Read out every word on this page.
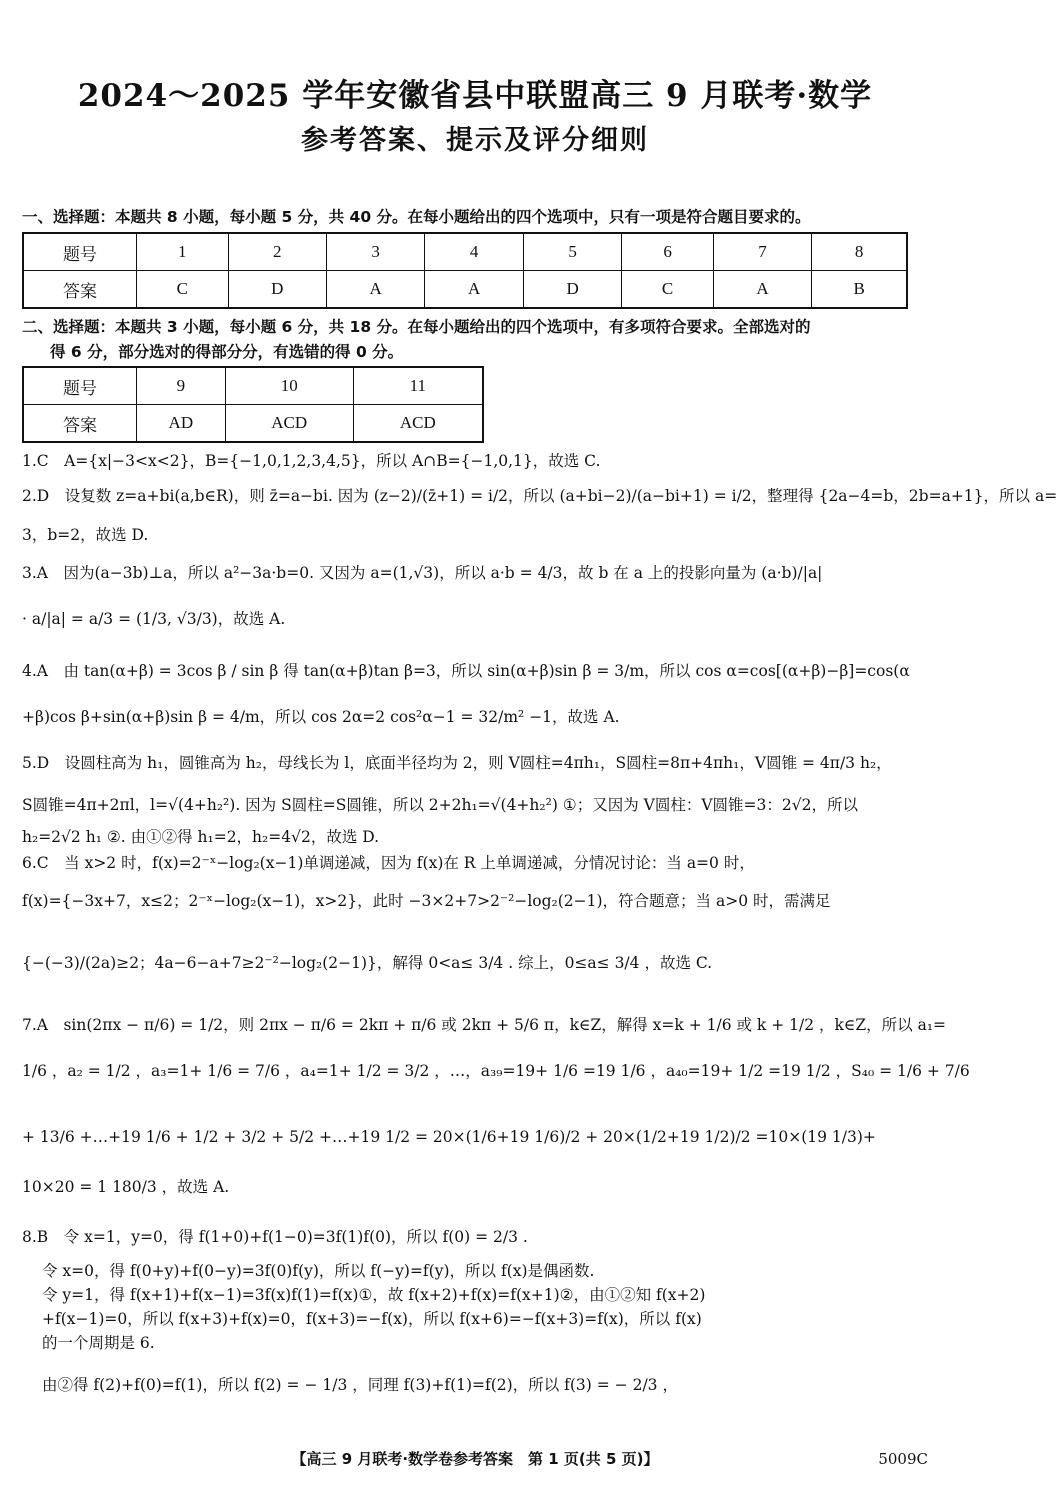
2024～2025 学年安徽省县中联盟高三 9 月联考·数学
参考答案、提示及评分细则
一、选择题：本题共 8 小题，每小题 5 分，共 40 分。在每小题给出的四个选项中，只有一项是符合题目要求的。
题号	1	2	3	4	5	6	7	8
答案	C	D	A	A	D	C	A	B
二、选择题：本题共 3 小题，每小题 6 分，共 18 分。在每小题给出的四个选项中，有多项符合要求。全部选对的
得 6 分，部分选对的得部分分，有选错的得 0 分。
题号	9	10	11
答案	AD	ACD	ACD
1.C　A={x|−3<x<2}，B={−1,0,1,2,3,4,5}，所以 A∩B={−1,0,1}，故选 C.
2.D　设复数 z=a+bi(a,b∈R)，则 z̄=a−bi. 因为 (z−2)/(z̄+1) = i/2，所以 (a+bi−2)/(a−bi+1) = i/2，整理得 {2a−4=b，2b=a+1}，所以 a=
3，b=2，故选 D.
3.A　因为(a−3b)⊥a，所以 a²−3a·b=0. 又因为 a=(1,√3)，所以 a·b = 4/3，故 b 在 a 上的投影向量为 (a·b)/|a|
· a/|a| = a/3 = (1/3, √3/3)，故选 A.
4.A　由 tan(α+β) = 3cos β / sin β 得 tan(α+β)tan β=3，所以 sin(α+β)sin β = 3/m，所以 cos α=cos[(α+β)−β]=cos(α
+β)cos β+sin(α+β)sin β = 4/m，所以 cos 2α=2 cos²α−1 = 32/m² −1，故选 A.
5.D　设圆柱高为 h₁，圆锥高为 h₂，母线长为 l，底面半径均为 2，则 V圆柱=4πh₁，S圆柱=8π+4πh₁，V圆锥 = 4π/3 h₂，
S圆锥=4π+2πl，l=√(4+h₂²). 因为 S圆柱=S圆锥，所以 2+2h₁=√(4+h₂²) ①；又因为 V圆柱：V圆锥=3：2√2，所以
h₂=2√2 h₁ ②. 由①②得 h₁=2，h₂=4√2，故选 D.
6.C　当 x>2 时，f(x)=2⁻ˣ−log₂(x−1)单调递减，因为 f(x)在 R 上单调递减，分情况讨论：当 a=0 时，
f(x)={−3x+7，x≤2；2⁻ˣ−log₂(x−1)，x>2}，此时 −3×2+7>2⁻²−log₂(2−1)，符合题意；当 a>0 时，需满足
{−(−3)/(2a)≥2；4a−6−a+7≥2⁻²−log₂(2−1)}，解得 0<a≤ 3/4 . 综上，0≤a≤ 3/4 ，故选 C.
7.A　sin(2πx − π/6) = 1/2，则 2πx − π/6 = 2kπ + π/6 或 2kπ + 5/6 π，k∈Z，解得 x=k + 1/6 或 k + 1/2 ，k∈Z，所以 a₁=
1/6 ，a₂ = 1/2 ，a₃=1+ 1/6 = 7/6 ，a₄=1+ 1/2 = 3/2 ，…，a₃₉=19+ 1/6 =19 1/6 ，a₄₀=19+ 1/2 =19 1/2 ，S₄₀ = 1/6 + 7/6
+ 13/6 +…+19 1/6 + 1/2 + 3/2 + 5/2 +…+19 1/2 = 20×(1/6+19 1/6)/2 + 20×(1/2+19 1/2)/2 =10×(19 1/3)+
10×20 = 1 180/3 ，故选 A.
8.B　令 x=1，y=0，得 f(1+0)+f(1−0)=3f(1)f(0)，所以 f(0) = 2/3 .
令 x=0，得 f(0+y)+f(0−y)=3f(0)f(y)，所以 f(−y)=f(y)，所以 f(x)是偶函数.
令 y=1，得 f(x+1)+f(x−1)=3f(x)f(1)=f(x)①，故 f(x+2)+f(x)=f(x+1)②，由①②知 f(x+2)
+f(x−1)=0，所以 f(x+3)+f(x)=0，f(x+3)=−f(x)，所以 f(x+6)=−f(x+3)=f(x)，所以 f(x)
的一个周期是 6.
由②得 f(2)+f(0)=f(1)，所以 f(2) = − 1/3 ，同理 f(3)+f(1)=f(2)，所以 f(3) = − 2/3 ，
【高三 9 月联考·数学卷参考答案　第 1 页(共 5 页)】	5009C
